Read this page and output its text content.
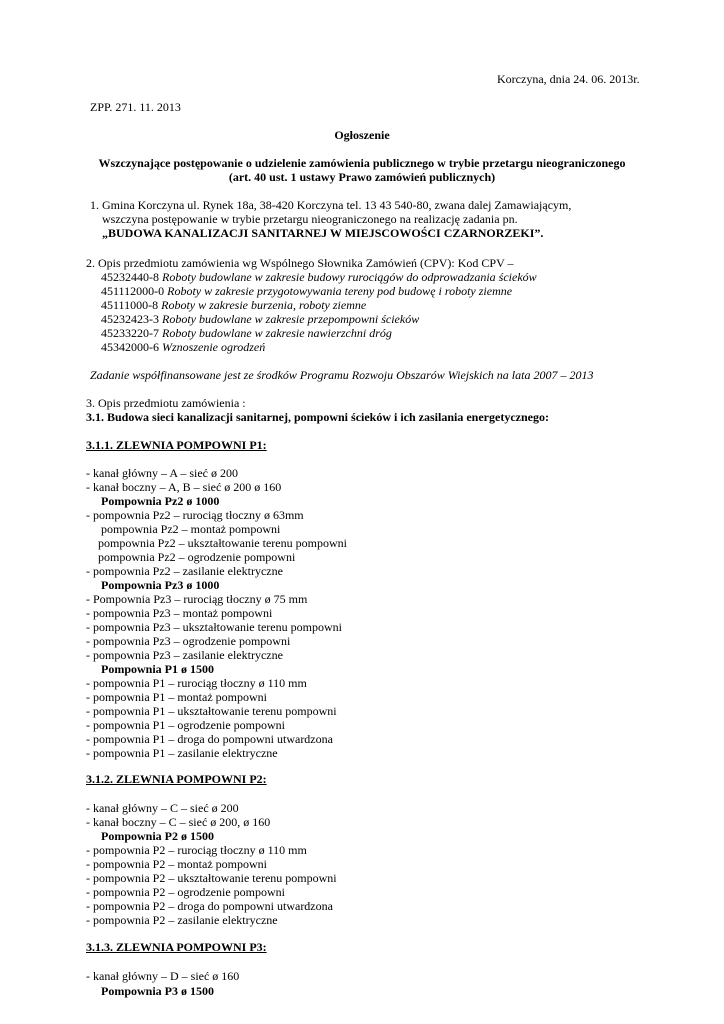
Korczyna, dnia 24. 06. 2013r.
ZPP. 271. 11. 2013
Ogłoszenie
Wszczynające postępowanie o udzielenie zamówienia publicznego w trybie przetargu nieograniczonego
(art. 40 ust. 1 ustawy Prawo zamówień publicznych)
1. Gmina Korczyna ul. Rynek 18a, 38-420 Korczyna tel. 13 43 540-80, zwana dalej Zamawiającym,
wszczyna postępowanie w trybie przetargu nieograniczonego na realizację zadania pn.
„BUDOWA KANALIZACJI SANITARNEJ W MIEJSCOWOŚCI CZARNORZEKI”.
2. Opis przedmiotu zamówienia wg Wspólnego Słownika Zamówień (CPV): Kod CPV –
45232440-8 Roboty budowlane w zakresie budowy rurociągów do odprowadzania ścieków
451112000-0 Roboty w zakresie przygotowywania tereny pod budowę i roboty ziemne
45111000-8 Roboty w zakresie burzenia, roboty ziemne
45232423-3 Roboty budowlane w zakresie przepompowni ścieków
45233220-7 Roboty budowlane w zakresie nawierzchni dróg
45342000-6 Wznoszenie ogrodzeń
Zadanie współfinansowane jest ze środków Programu Rozwoju Obszarów Wiejskich na lata 2007 – 2013
3. Opis przedmiotu zamówienia :
3.1. Budowa sieci kanalizacji sanitarnej, pompowni ścieków i ich zasilania energetycznego:
3.1.1. ZLEWNIA POMPOWNI P1:
- kanał główny – A – sieć ø 200
- kanał boczny – A, B – sieć ø 200 ø 160
Pompownia Pz2 ø 1000
- pompownia Pz2 – rurociąg tłoczny ø 63mm
pompownia Pz2 – montaż pompowni
pompownia Pz2 – ukształtowanie terenu pompowni
pompownia Pz2 – ogrodzenie pompowni
- pompownia Pz2 – zasilanie elektryczne
Pompownia Pz3 ø 1000
- Pompownia Pz3 – rurociąg tłoczny ø 75 mm
- pompownia Pz3 – montaż pompowni
- pompownia Pz3 – ukształtowanie terenu pompowni
- pompownia Pz3 – ogrodzenie pompowni
- pompownia Pz3 – zasilanie elektryczne
Pompownia P1 ø 1500
- pompownia P1 – rurociąg tłoczny ø 110 mm
- pompownia P1 – montaż pompowni
- pompownia P1 – ukształtowanie terenu pompowni
- pompownia P1 – ogrodzenie pompowni
- pompownia P1 – droga do pompowni utwardzona
- pompownia P1 – zasilanie elektryczne
3.1.2. ZLEWNIA POMPOWNI P2:
- kanał główny – C – sieć ø 200
- kanał boczny – C – sieć ø 200, ø 160
Pompownia P2 ø 1500
- pompownia P2 – rurociąg tłoczny ø 110 mm
- pompownia P2 – montaż pompowni
- pompownia P2 – ukształtowanie terenu pompowni
- pompownia P2 – ogrodzenie pompowni
- pompownia P2 – droga do pompowni utwardzona
- pompownia P2 – zasilanie elektryczne
3.1.3. ZLEWNIA POMPOWNI P3:
- kanał główny – D – sieć ø 160
Pompownia P3 ø 1500
